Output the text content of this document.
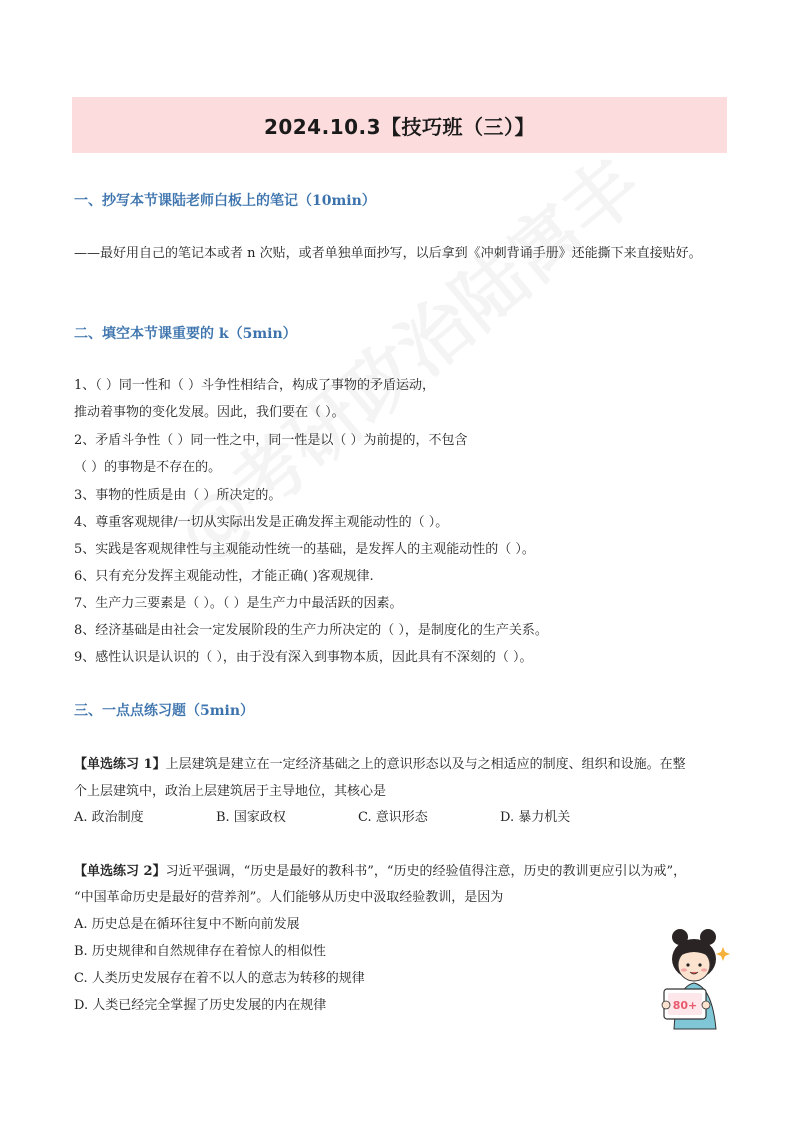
2024.10.3【技巧班（三）】
一、抄写本节课陆老师白板上的笔记（10min）

——最好用自己的笔记本或者 n 次贴，或者单独单面抄写，以后拿到《冲刺背诵手册》还能撕下来直接贴好。

二、填空本节课重要的 k（5min）

1、（ ）同一性和（ ）斗争性相结合，构成了事物的矛盾运动，

推动着事物的变化发展。因此，我们要在（ ）。

2、矛盾斗争性（ ）同一性之中，同一性是以（ ）为前提的，不包含

（ ）的事物是不存在的。

3、事物的性质是由（ ）所决定的。

4、尊重客观规律/一切从实际出发是正确发挥主观能动性的（ ）。

5、实践是客观规律性与主观能动性统一的基础，是发挥人的主观能动性的（ ）。

6、只有充分发挥主观能动性，才能正确( )客观规律.

7、生产力三要素是（ ）。（ ）是生产力中最活跃的因素。

8、经济基础是由社会一定发展阶段的生产力所决定的（ ），是制度化的生产关系。

9、感性认识是认识的（ ），由于没有深入到事物本质，因此具有不深刻的（ ）。

三、一点点练习题（5min）

【单选练习 1】上层建筑是建立在一定经济基础之上的意识形态以及与之相适应的制度、组织和设施。在整

个上层建筑中，政治上层建筑居于主导地位，其核心是

A. 政治制度	B. 国家政权	C. 意识形态	D. 暴力机关

【单选练习 2】习近平强调，“历史是最好的教科书”，“历史的经验值得注意，历史的教训更应引以为戒”，

“中国革命历史是最好的营养剂”。人们能够从历史中汲取经验教训，是因为

A. 历史总是在循环往复中不断向前发展
B. 历史规律和自然规律存在着惊人的相似性
C. 人类历史发展存在着不以人的意志为转移的规律
D. 人类已经完全掌握了历史发展的内在规律	80+
